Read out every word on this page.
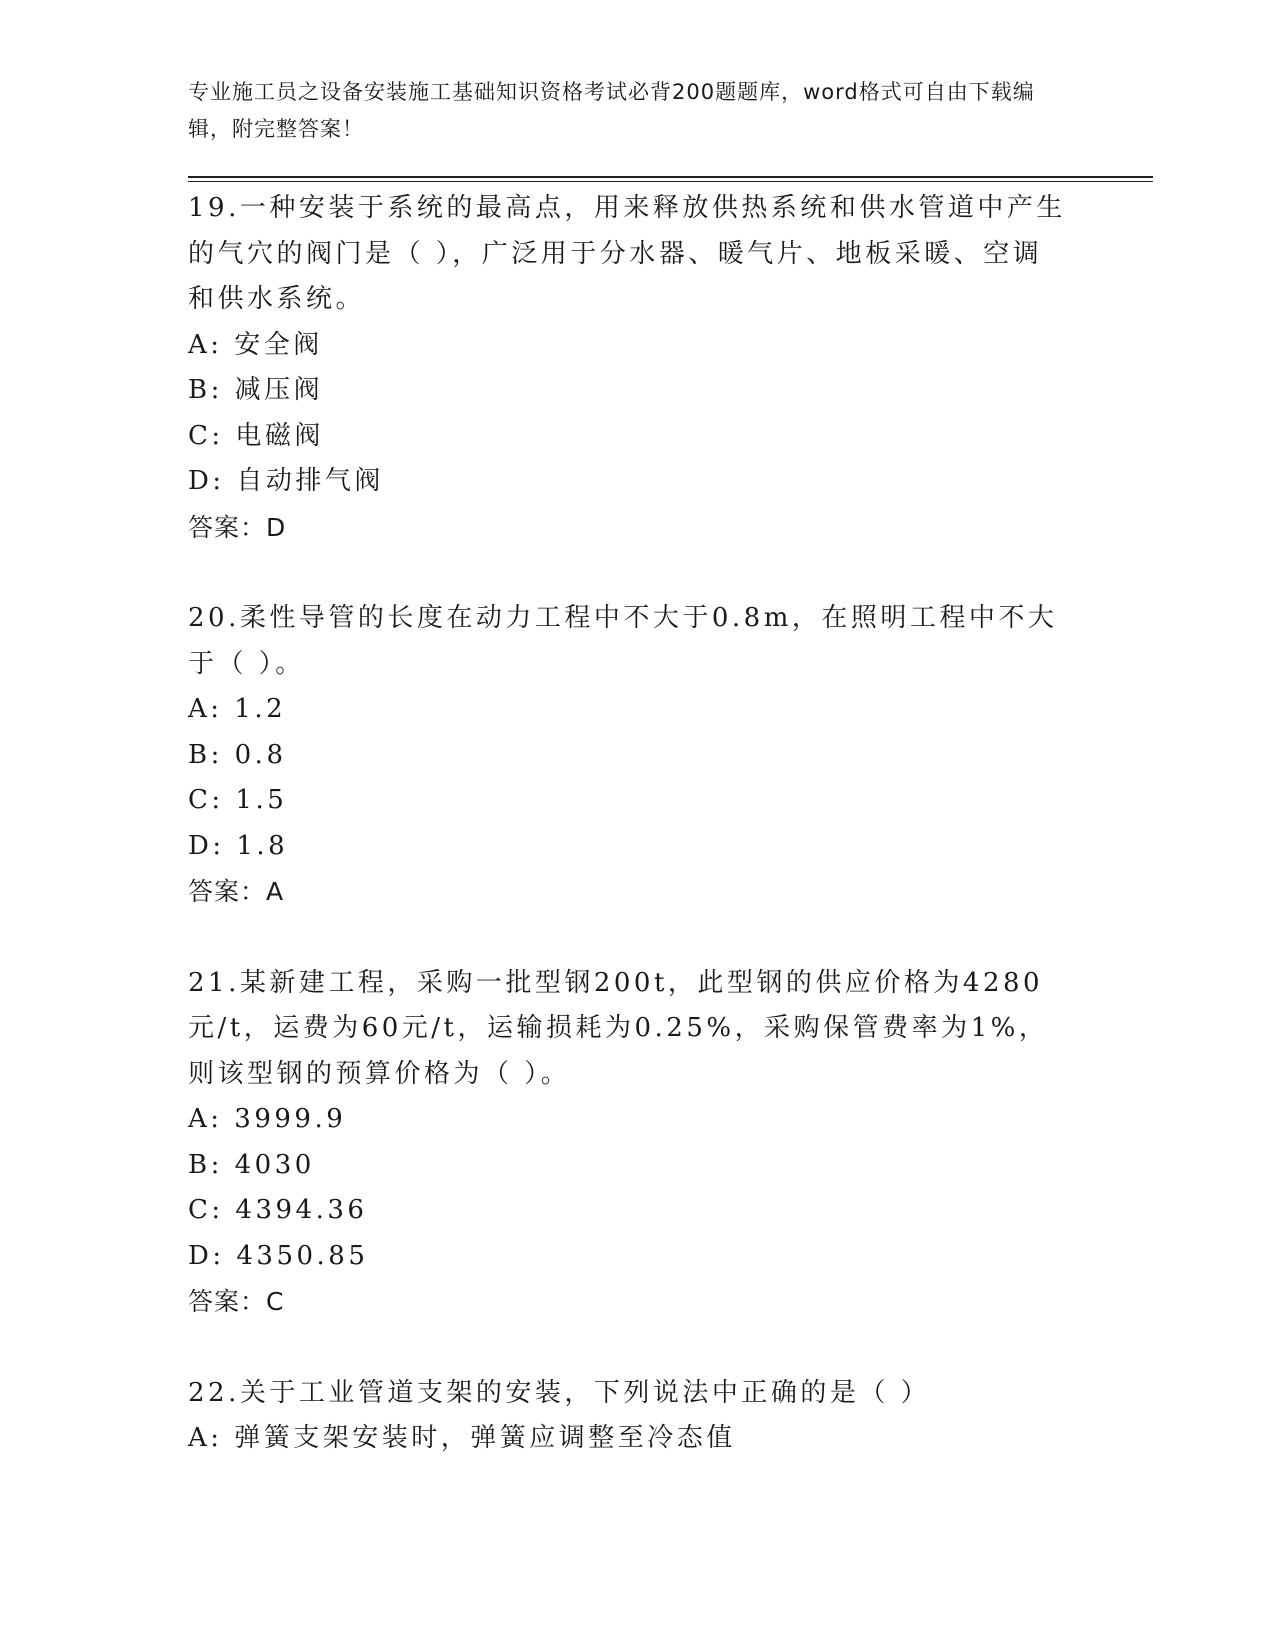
专业施工员之设备安装施工基础知识资格考试必背200题题库，word格式可自由下载编辑，附完整答案！
19.一种安装于系统的最高点，用来释放供热系统和供水管道中产生的气穴的阀门是（ ），广泛用于分水器、暖气片、地板采暖、空调和供水系统。
A: 安全阀
B: 减压阀
C: 电磁阀
D: 自动排气阀
答案：D
20.柔性导管的长度在动力工程中不大于0.8m，在照明工程中不大于（ ）。
A: 1.2
B: 0.8
C: 1.5
D: 1.8
答案：A
21.某新建工程，采购一批型钢200t，此型钢的供应价格为4280元/t，运费为60元/t，运输损耗为0.25%，采购保管费率为1%，则该型钢的预算价格为（ ）。
A: 3999.9
B: 4030
C: 4394.36
D: 4350.85
答案：C
22.关于工业管道支架的安装，下列说法中正确的是（ ）
A: 弹簧支架安装时，弹簧应调整至冷态值
